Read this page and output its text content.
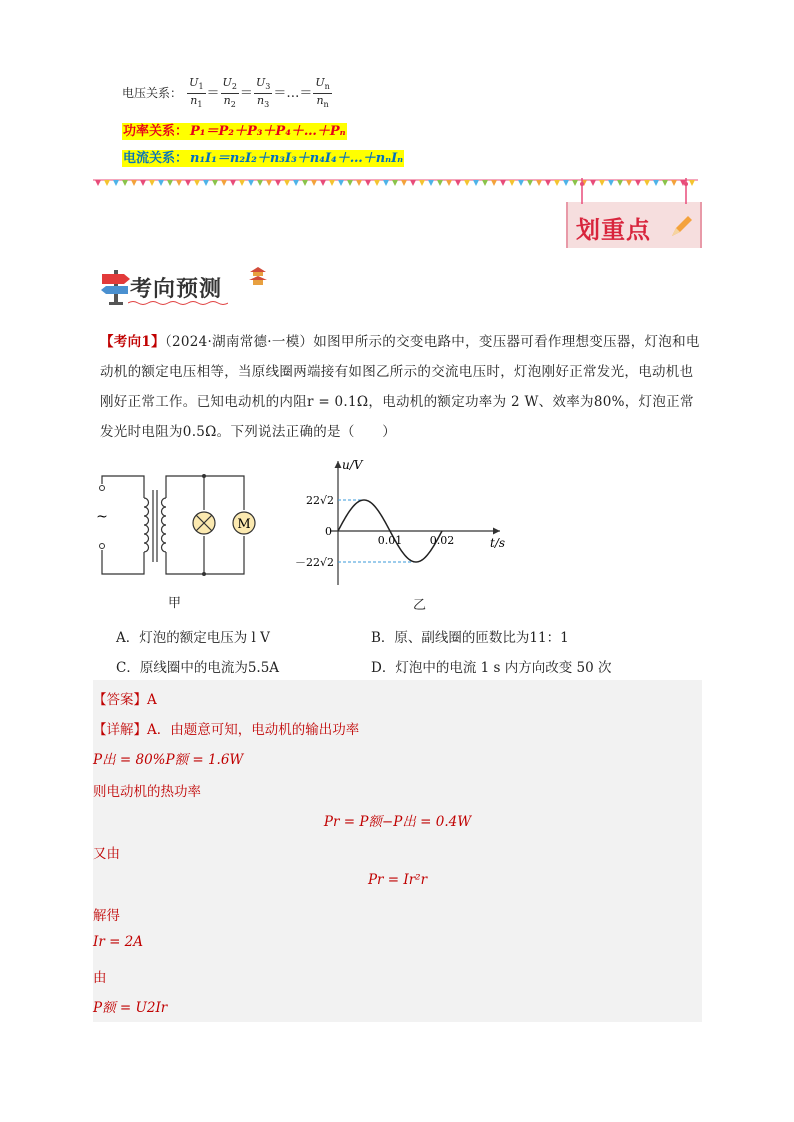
电压关系： $\frac{U_1}{n_1} = \frac{U_2}{n_2} = \frac{U_3}{n_3}$ ＝…＝ $\frac{U_n}{n_n}$
功率关系： P₁＝P₂＋P₃＋P₄＋…＋Pₙ
电流关系： n₁I₁＝n₂I₂＋n₃I₃＋n₄I₄＋…＋nₙIₙ
划重点
考向预测
【考向1】（2024·湖南常德·一模）如图甲所示的交变电路中，变压器可看作理想变压器，灯泡和电动机的额定电压相等，当原线圈两端接有如图乙所示的交流电压时，灯泡刚好正常发光，电动机也刚好正常工作。已知电动机的内阻r = 0.1Ω，电动机的额定功率为 2 W、效率为80%，灯泡正常发光时电阻为0.5Ω。下列说法正确的是（　　）
M
~
甲
u/V
t/s
22√2
0
－22√2
0.01	0.02
乙
A．灯泡的额定电压为 l V	B．原、副线圈的匝数比为11：1
C．原线圈中的电流为5.5A	D．灯泡中的电流 1 s 内方向改变 50 次
【答案】A
【详解】A．由题意可知，电动机的输出功率
P出 = 80%P额 = 1.6W
则电动机的热功率
Pr = P额−P出 = 0.4W
又由
Pr = Ir²r
解得
Ir = 2A
由
P额 = U2Ir
